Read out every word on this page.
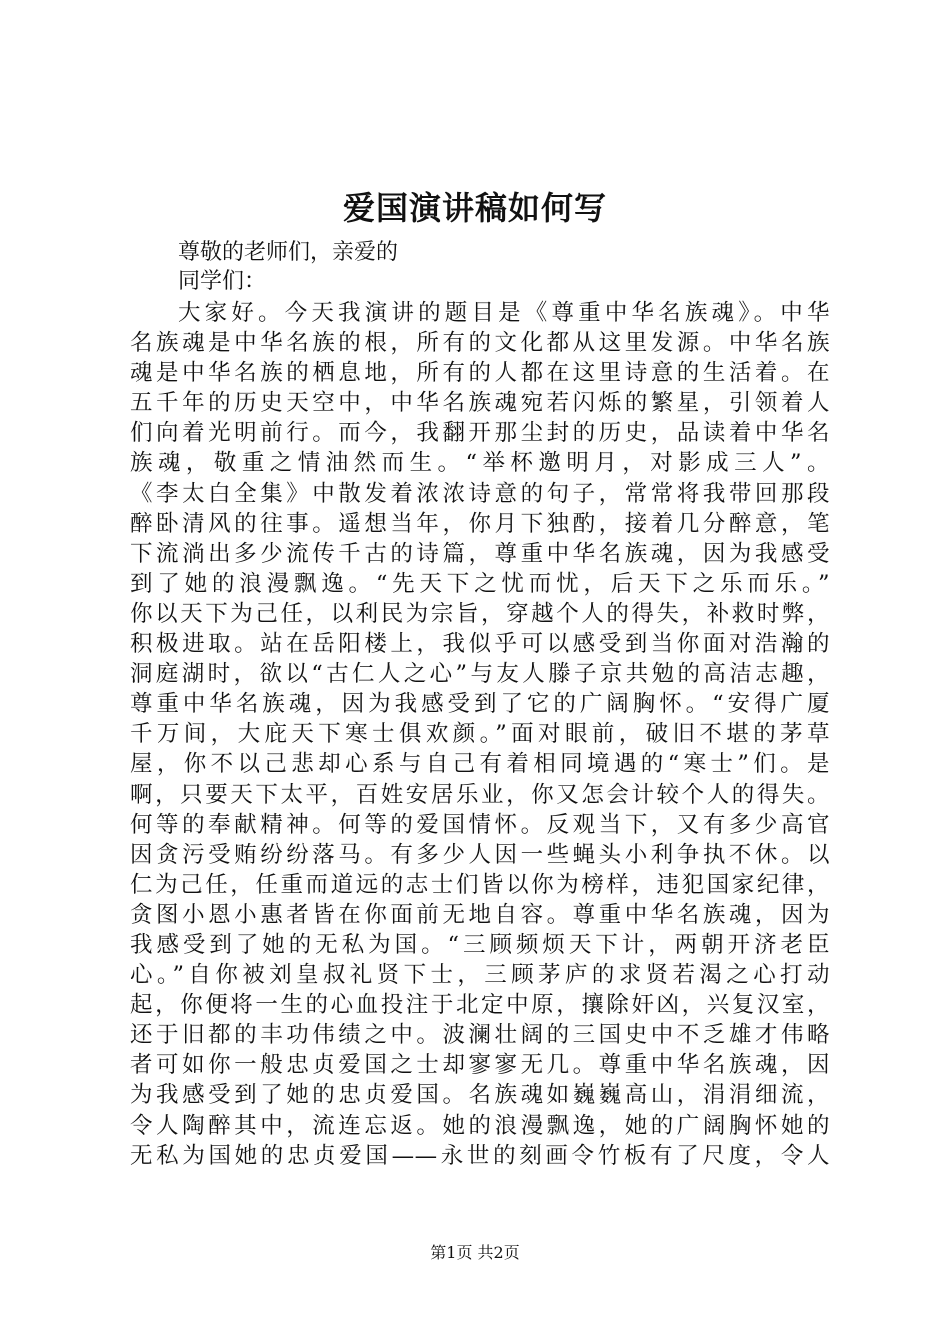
爱国演讲稿如何写
尊敬的老师们，亲爱的
同学们：
大家好。今天我演讲的题目是《尊重中华名族魂》。中华
名族魂是中华名族的根，所有的文化都从这里发源。中华名族
魂是中华名族的栖息地，所有的人都在这里诗意的生活着。在
五千年的历史天空中，中华名族魂宛若闪烁的繁星，引领着人
们向着光明前行。而今，我翻开那尘封的历史，品读着中华名
族魂，敬重之情油然而生。“举杯邀明月，对影成三人”。
《李太白全集》中散发着浓浓诗意的句子，常常将我带回那段
醉卧清风的往事。遥想当年，你月下独酌，接着几分醉意，笔
下流淌出多少流传千古的诗篇，尊重中华名族魂，因为我感受
到了她的浪漫飘逸。“先天下之忧而忧，后天下之乐而乐。”
你以天下为己任，以利民为宗旨，穿越个人的得失，补救时弊，
积极进取。站在岳阳楼上，我似乎可以感受到当你面对浩瀚的
洞庭湖时，欲以“古仁人之心”与友人滕子京共勉的高洁志趣，
尊重中华名族魂，因为我感受到了它的广阔胸怀。“安得广厦
千万间，大庇天下寒士俱欢颜。”面对眼前，破旧不堪的茅草
屋，你不以己悲却心系与自己有着相同境遇的“寒士”们。是
啊，只要天下太平，百姓安居乐业，你又怎会计较个人的得失。
何等的奉献精神。何等的爱国情怀。反观当下，又有多少高官
因贪污受贿纷纷落马。有多少人因一些蝇头小利争执不休。以
仁为己任，任重而道远的志士们皆以你为榜样，违犯国家纪律，
贪图小恩小惠者皆在你面前无地自容。尊重中华名族魂，因为
我感受到了她的无私为国。“三顾频烦天下计，两朝开济老臣
心。”自你被刘皇叔礼贤下士，三顾茅庐的求贤若渴之心打动
起，你便将一生的心血投注于北定中原，攘除奸凶，兴复汉室，
还于旧都的丰功伟绩之中。波澜壮阔的三国史中不乏雄才伟略
者可如你一般忠贞爱国之士却寥寥无几。尊重中华名族魂，因
为我感受到了她的忠贞爱国。名族魂如巍巍高山，涓涓细流，
令人陶醉其中，流连忘返。她的浪漫飘逸，她的广阔胸怀她的
无私为国她的忠贞爱国——永世的刻画令竹板有了尺度，令人
第1页 共2页
